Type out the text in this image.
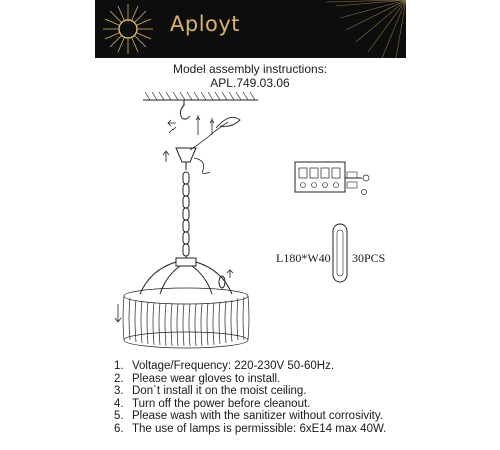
Aployt
Model assembly instructions:
APL.749.03.06
L180*W40 30PCS
1. Voltage/Frequency: 220-230V 50-60Hz.
2. Please wear gloves to install.
3. Don`t install it on the moist ceiling.
4. Turn off the power before cleanout.
5. Please wash with the sanitizer without corrosivity.
6. The use of lamps is permissible: 6xE14 max 40W.
